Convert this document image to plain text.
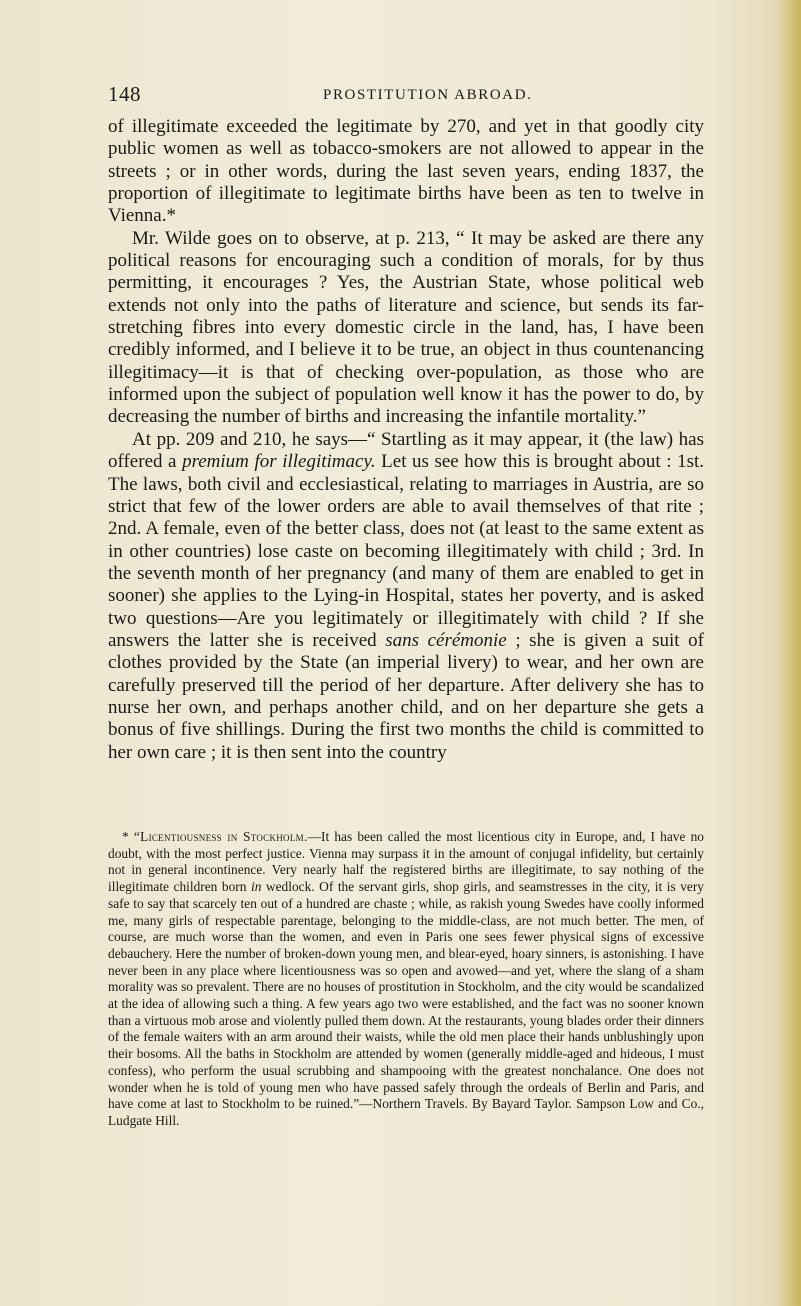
148	PROSTITUTION ABROAD.

of illegitimate exceeded the legitimate by 270, and yet in that goodly city public women as well as tobacco-smokers are not allowed to appear in the streets ; or in other words, during the last seven years, ending 1837, the proportion of illegitimate to legitimate births have been as ten to twelve in Vienna.*

Mr. Wilde goes on to observe, at p. 213, “ It may be asked are there any political reasons for encouraging such a condition of morals, for by thus permitting, it encourages ? Yes, the Austrian State, whose political web extends not only into the paths of literature and science, but sends its far-stretching fibres into every domestic circle in the land, has, I have been credibly informed, and I believe it to be true, an object in thus countenancing illegitimacy—it is that of checking over-population, as those who are informed upon the subject of population well know it has the power to do, by decreasing the number of births and increasing the infantile mortality.”

At pp. 209 and 210, he says—“ Startling as it may appear, it (the law) has offered a premium for illegitimacy. Let us see how this is brought about : 1st. The laws, both civil and ecclesiastical, relating to marriages in Austria, are so strict that few of the lower orders are able to avail themselves of that rite ; 2nd. A female, even of the better class, does not (at least to the same extent as in other countries) lose caste on becoming illegitimately with child ; 3rd. In the seventh month of her pregnancy (and many of them are enabled to get in sooner) she applies to the Lying-in Hospital, states her poverty, and is asked two questions—Are you legitimately or illegitimately with child ? If she answers the latter she is received sans cérémonie ; she is given a suit of clothes provided by the State (an imperial livery) to wear, and her own are carefully preserved till the period of her departure. After delivery she has to nurse her own, and perhaps another child, and on her departure she gets a bonus of five shillings. During the first two months the child is committed to her own care ; it is then sent into the country

* “Licentiousness in Stockholm.—It has been called the most licentious city in Europe, and, I have no doubt, with the most perfect justice. Vienna may surpass it in the amount of conjugal infidelity, but certainly not in general incontinence. Very nearly half the registered births are illegitimate, to say nothing of the illegitimate children born in wedlock. Of the servant girls, shop girls, and seamstresses in the city, it is very safe to say that scarcely ten out of a hundred are chaste ; while, as rakish young Swedes have coolly informed me, many girls of respectable parentage, belonging to the middle-class, are not much better. The men, of course, are much worse than the women, and even in Paris one sees fewer physical signs of excessive debauchery. Here the number of broken-down young men, and blear-eyed, hoary sinners, is astonishing. I have never been in any place where licentiousness was so open and avowed—and yet, where the slang of a sham morality was so prevalent. There are no houses of prostitution in Stockholm, and the city would be scandalized at the idea of allowing such a thing. A few years ago two were established, and the fact was no sooner known than a virtuous mob arose and violently pulled them down. At the restaurants, young blades order their dinners of the female waiters with an arm around their waists, while the old men place their hands unblushingly upon their bosoms. All the baths in Stockholm are attended by women (generally middle-aged and hideous, I must confess), who perform the usual scrubbing and shampooing with the greatest nonchalance. One does not wonder when he is told of young men who have passed safely through the ordeals of Berlin and Paris, and have come at last to Stockholm to be ruined.”—Northern Travels. By Bayard Taylor. Sampson Low and Co., Ludgate Hill.
